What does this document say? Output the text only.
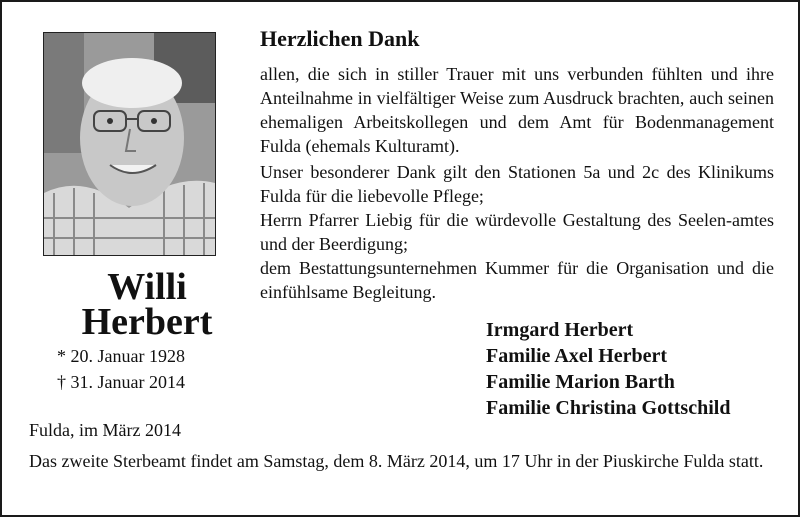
Willi
Herbert
* 20. Januar 1928
† 31. Januar 2014
Herzlichen Dank
allen, die sich in stiller Trauer mit uns verbunden fühlten und ihre Anteilnahme in vielfältiger Weise zum Ausdruck brachten, auch seinen ehemaligen Arbeitskollegen und dem Amt für Bodenmanagement Fulda (ehemals Kulturamt).
Unser besonderer Dank gilt den Stationen 5a und 2c des Klinikums Fulda für die liebevolle Pflege;
Herrn Pfarrer Liebig für die würdevolle Gestaltung des Seelen-amtes und der Beerdigung;
dem Bestattungsunternehmen Kummer für die Organisation und die einfühlsame Begleitung.
Irmgard Herbert
Familie Axel Herbert
Familie Marion Barth
Familie Christina Gottschild
Fulda, im März 2014
Das zweite Sterbeamt findet am Samstag, dem 8. März 2014, um 17 Uhr in der Piuskirche Fulda statt.
